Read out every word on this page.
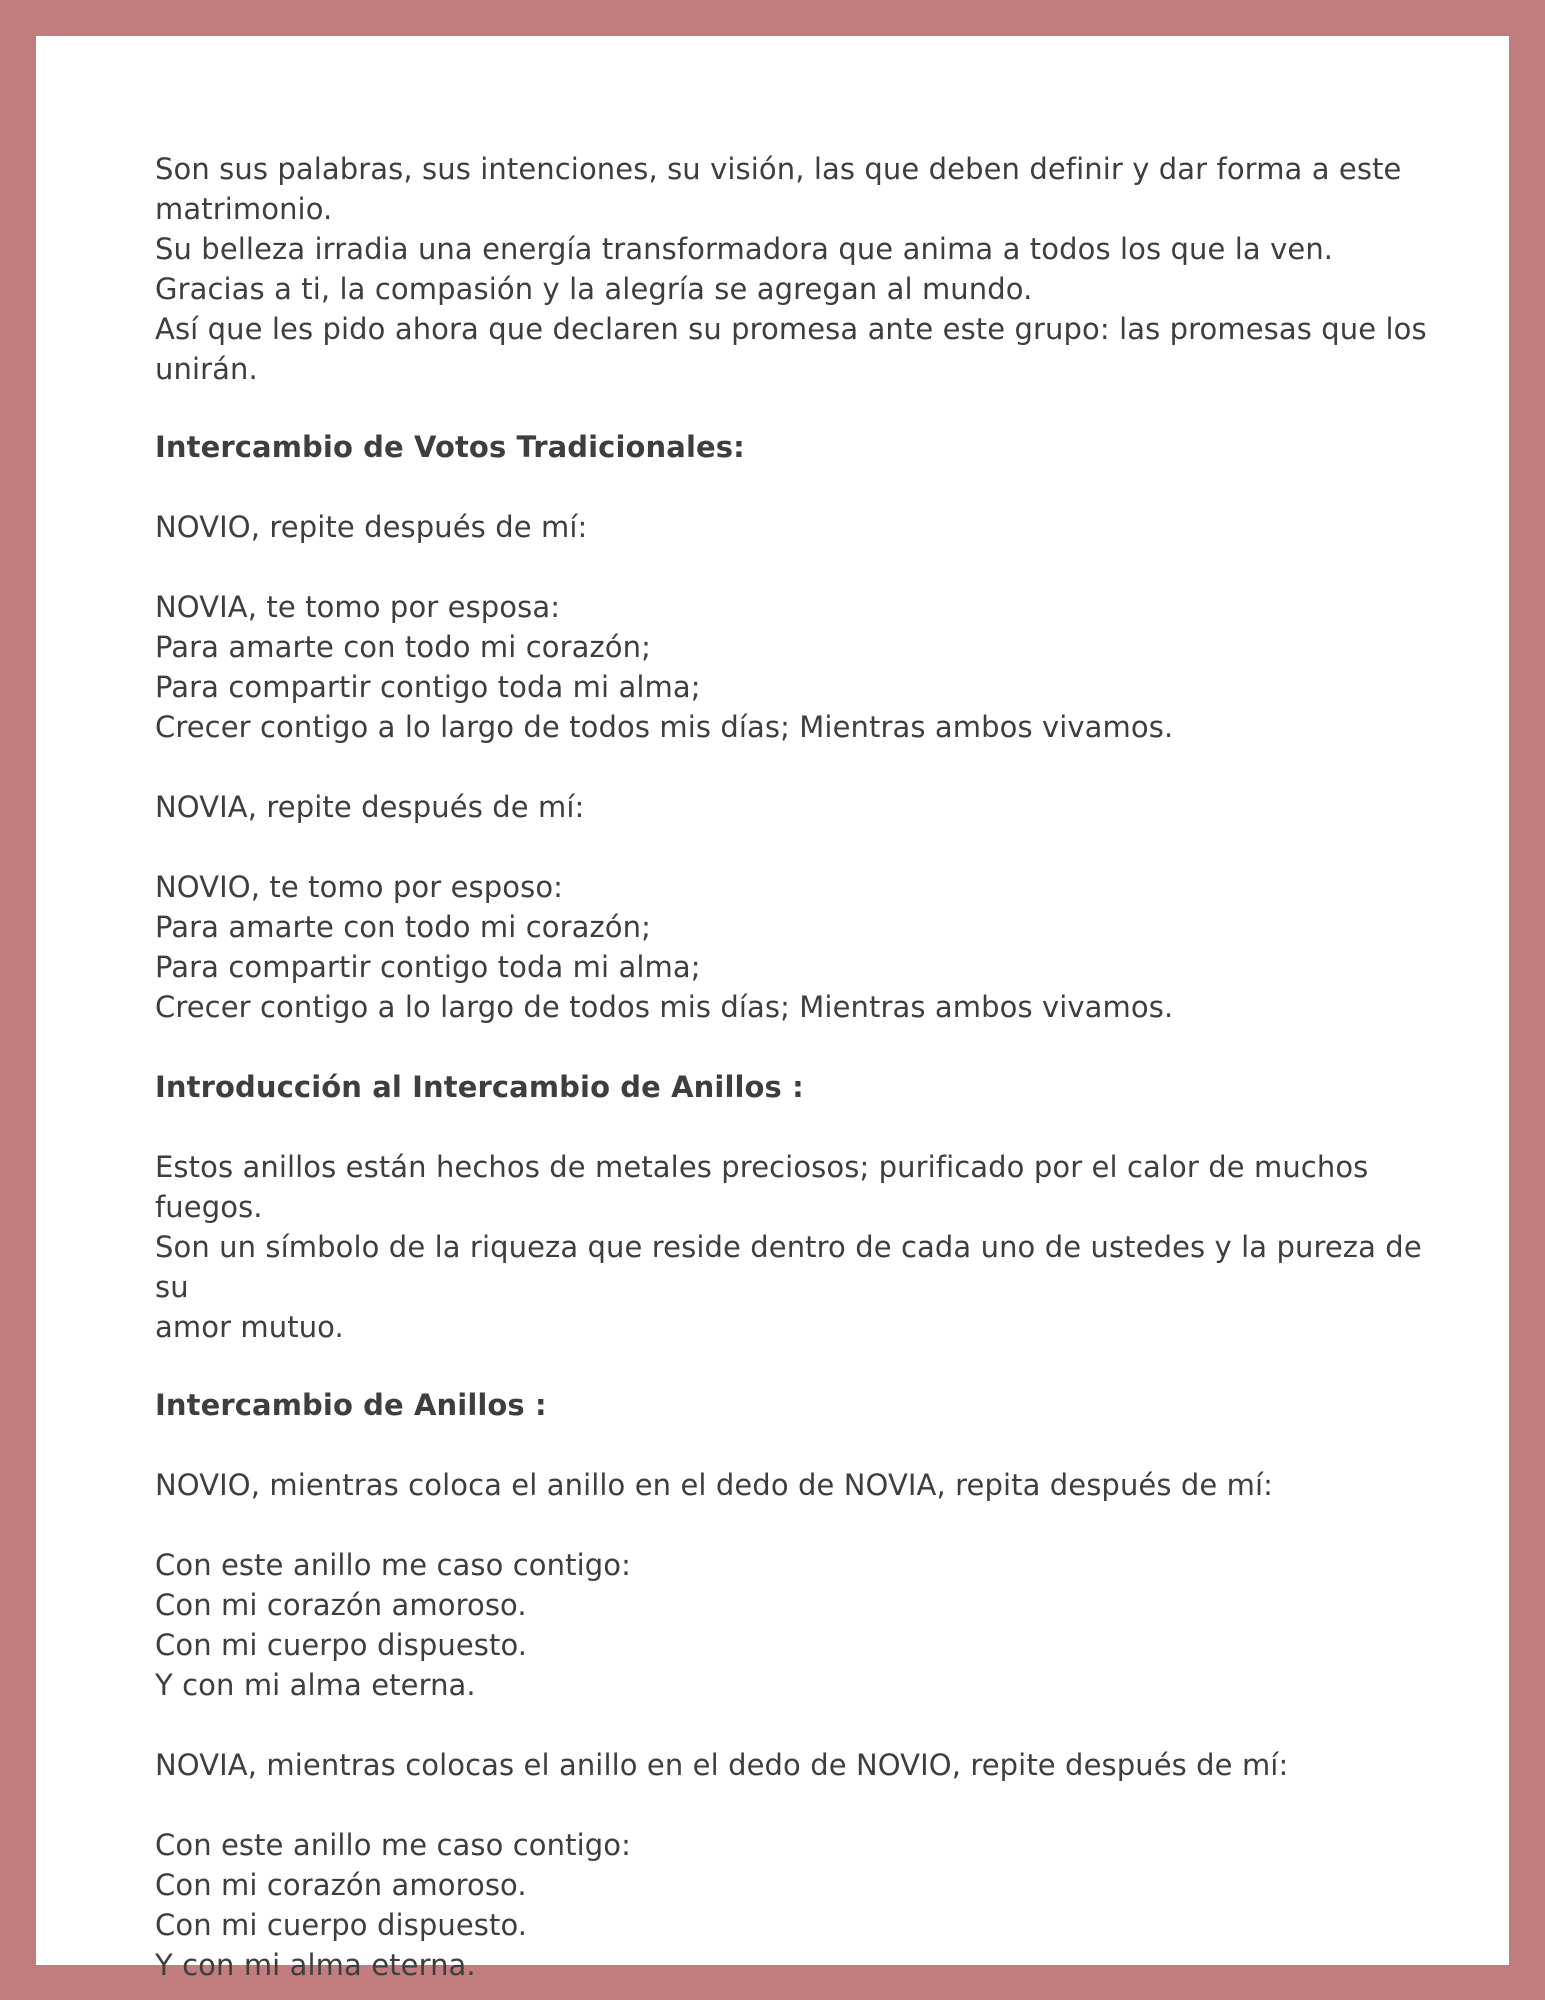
Son sus palabras, sus intenciones, su visión, las que deben definir y dar forma a este
matrimonio.
Su belleza irradia una energía transformadora que anima a todos los que la ven.
Gracias a ti, la compasión y la alegría se agregan al mundo.
Así que les pido ahora que declaren su promesa ante este grupo: las promesas que los
unirán.
Intercambio de Votos Tradicionales:
NOVIO, repite después de mí:
NOVIA, te tomo por esposa:
Para amarte con todo mi corazón;
Para compartir contigo toda mi alma;
Crecer contigo a lo largo de todos mis días; Mientras ambos vivamos.
NOVIA, repite después de mí:
NOVIO, te tomo por esposo:
Para amarte con todo mi corazón;
Para compartir contigo toda mi alma;
Crecer contigo a lo largo de todos mis días; Mientras ambos vivamos.
Introducción al Intercambio de Anillos :
Estos anillos están hechos de metales preciosos; purificado por el calor de muchos fuegos.
Son un símbolo de la riqueza que reside dentro de cada uno de ustedes y la pureza de su
amor mutuo.
Intercambio de Anillos :
NOVIO, mientras coloca el anillo en el dedo de NOVIA, repita después de mí:
Con este anillo me caso contigo:
Con mi corazón amoroso.
Con mi cuerpo dispuesto.
Y con mi alma eterna.
NOVIA, mientras colocas el anillo en el dedo de NOVIO, repite después de mí:
Con este anillo me caso contigo:
Con mi corazón amoroso.
Con mi cuerpo dispuesto.
Y con mi alma eterna.
